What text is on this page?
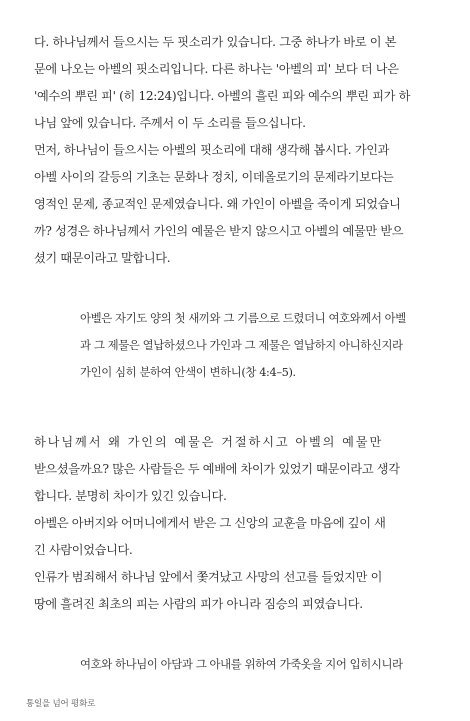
다. 하나님께서 들으시는 두 핏소리가 있습니다. 그중 하나가 바로 이 본
문에 나오는 아벨의 핏소리입니다. 다른 하나는 '아벨의 피' 보다 더 나은
'예수의 뿌린 피' (히 12:24)입니다. 아벨의 흘린 피와 예수의 뿌린 피가 하
나님 앞에 있습니다. 주께서 이 두 소리를 들으십니다.
먼저, 하나님이 들으시는 아벨의 핏소리에 대해 생각해 봅시다. 가인과
아벨 사이의 갈등의 기초는 문화나 정치, 이데올로기의 문제라기보다는
영적인 문제, 종교적인 문제였습니다. 왜 가인이 아벨을 죽이게 되었습니
까? 성경은 하나님께서 가인의 예물은 받지 않으시고 아벨의 예물만 받으
셨기 때문이라고 말합니다.
아벨은 자기도 양의 첫 새끼와 그 기름으로 드렸더니 여호와께서 아벨
과 그 제물은 열납하셨으나 가인과 그 제물은 열납하지 아니하신지라
가인이 심히 분하여 안색이 변하니(창 4:4–5).
하나님께서 왜 가인의 예물은 거절하시고 아벨의 예물만
받으셨을까요? 많은 사람들은 두 예배에 차이가 있었기 때문이라고 생각
합니다. 분명히 차이가 있긴 있습니다.
아벨은 아버지와 어머니에게서 받은 그 신앙의 교훈을 마음에 깊이 새
긴 사람이었습니다.
인류가 범죄해서 하나님 앞에서 쫓겨났고 사망의 선고를 들었지만 이
땅에 흘려진 최초의 피는 사람의 피가 아니라 짐승의 피였습니다.
여호와 하나님이 아담과 그 아내를 위하여 가죽옷을 지어 입히시니라
통일을 넘어 평화로
